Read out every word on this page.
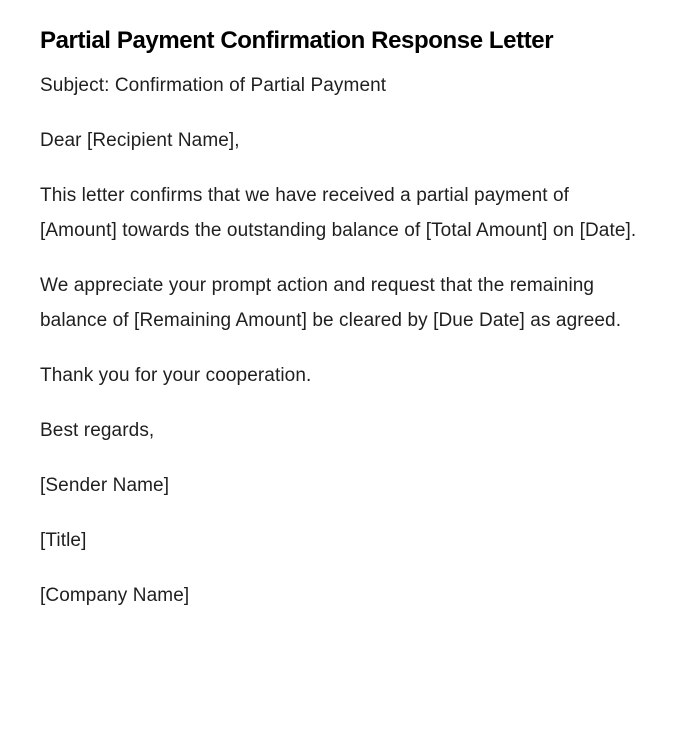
Partial Payment Confirmation Response Letter

Subject: Confirmation of Partial Payment

Dear [Recipient Name],

This letter confirms that we have received a partial payment of [Amount] towards the outstanding balance of [Total Amount] on [Date].

We appreciate your prompt action and request that the remaining balance of [Remaining Amount] be cleared by [Due Date] as agreed.

Thank you for your cooperation.

Best regards,

[Sender Name]

[Title]

[Company Name]
